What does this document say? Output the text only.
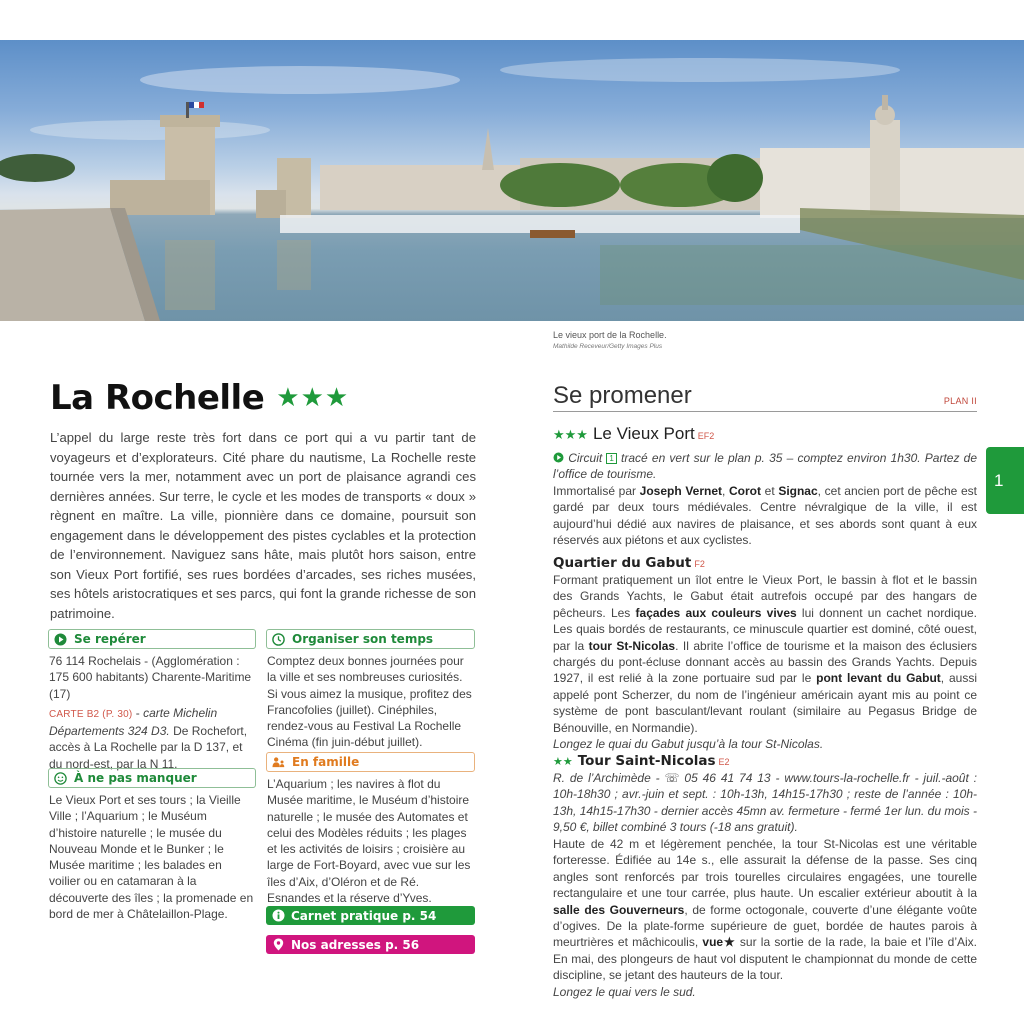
Le vieux port de la Rochelle.
Mathilde Receveur/Getty Images Plus
La Rochelle ★★★

L’appel du large reste très fort dans ce port qui a vu partir tant de voyageurs et d’explorateurs. Cité phare du nautisme, La Rochelle reste tournée vers la mer, notamment avec un port de plaisance agrandi ces dernières années. Sur terre, le cycle et les modes de transports « doux » règnent en maître. La ville, pionnière dans ce domaine, poursuit son engagement dans le développement des pistes cyclables et la protection de l’environnement. Naviguez sans hâte, mais plutôt hors saison, entre son Vieux Port fortifié, ses rues bordées d’arcades, ses riches musées, ses hôtels aristocratiques et ses parcs, qui font la grande richesse de son patrimoine.

Se repérer
76 114 Rochelais - (Agglomération : 175 600 habitants) Charente-Maritime (17)
CARTE B2 (P. 30) - carte Michelin Départements 324 D3. De Rochefort, accès à La Rochelle par la D 137, et du nord-est, par la N 11.
À ne pas manquer
Le Vieux Port et ses tours ; la Vieille Ville ; l’Aquarium ; le Muséum d’histoire naturelle ; le musée du Nouveau Monde et le Bunker ; le Musée maritime ; les balades en voilier ou en catamaran à la découverte des îles ; la promenade en bord de mer à Châtelaillon-Plage.
Organiser son temps
Comptez deux bonnes journées pour la ville et ses nombreuses curiosités. Si vous aimez la musique, profitez des Francofolies (juillet). Cinéphiles, rendez-vous au Festival La Rochelle Cinéma (fin juin-début juillet).
En famille
L’Aquarium ; les navires à flot du Musée maritime, le Muséum d’histoire naturelle ; le musée des Automates et celui des Modèles réduits ; les plages et les activités de loisirs ; croisière au large de Fort-Boyard, avec vue sur les îles d’Aix, d’Oléron et de Ré. Esnandes et la réserve d’Yves.
Carnet pratique p. 54
Nos adresses p. 56
Se promener	PLAN II
★★★ Le Vieux Port EF2
Circuit 1 tracé en vert sur le plan p. 35 – comptez environ 1h30. Partez de l’office de tourisme.
Immortalisé par Joseph Vernet, Corot et Signac, cet ancien port de pêche est gardé par deux tours médiévales. Centre névralgique de la ville, il est aujourd’hui dédié aux navires de plaisance, et ses abords sont quant à eux réservés aux piétons et aux cyclistes.
Quartier du Gabut F2
Formant pratiquement un îlot entre le Vieux Port, le bassin à flot et le bassin des Grands Yachts, le Gabut était autrefois occupé par des hangars de pêcheurs. Les façades aux couleurs vives lui donnent un cachet nordique. Les quais bordés de restaurants, ce minuscule quartier est dominé, côté ouest, par la tour St-Nicolas. Il abrite l’office de tourisme et la maison des éclusiers chargés du pont-écluse donnant accès au bassin des Grands Yachts. Depuis 1927, il est relié à la zone portuaire sud par le pont levant du Gabut, aussi appelé pont Scherzer, du nom de l’ingénieur américain ayant mis au point ce système de pont basculant/levant roulant (similaire au Pegasus Bridge de Bénouville, en Normandie).
Longez le quai du Gabut jusqu’à la tour St-Nicolas.
★★ Tour Saint-Nicolas E2
R. de l’Archimède - ☏ 05 46 41 74 13 - www.tours-la-rochelle.fr - juil.-août : 10h-18h30 ; avr.-juin et sept. : 10h-13h, 14h15-17h30 ; reste de l’année : 10h-13h, 14h15-17h30 - dernier accès 45mn av. fermeture - fermé 1er lun. du mois - 9,50 €, billet combiné 3 tours (-18 ans gratuit).
Haute de 42 m et légèrement penchée, la tour St-Nicolas est une véritable forteresse. Édifiée au 14e s., elle assurait la défense de la passe. Ses cinq angles sont renforcés par trois tourelles circulaires engagées, une tourelle rectangulaire et une tour carrée, plus haute. Un escalier extérieur aboutit à la salle des Gouverneurs, de forme octogonale, couverte d’une élégante voûte d’ogives. De la plate-forme supérieure de guet, bordée de hautes parois à meurtrières et mâchicoulis, vue★ sur la sortie de la rade, la baie et l’île d’Aix. En mai, des plongeurs de haut vol disputent le championnat du monde de cette discipline, se jetant des hauteurs de la tour.
Longez le quai vers le sud.
1
